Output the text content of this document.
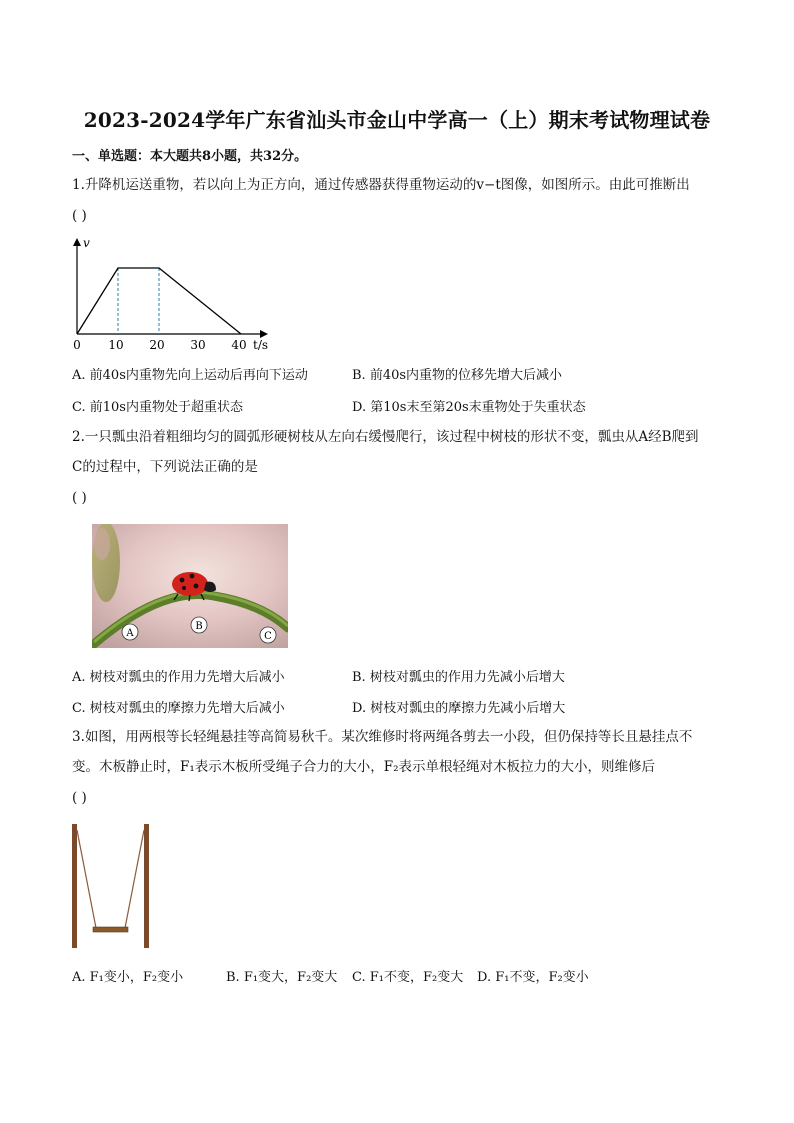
2023-2024学年广东省汕头市金山中学高一（上）期末考试物理试卷
一、单选题：本大题共8小题，共32分。
1.升降机运送重物，若以向上为正方向，通过传感器获得重物运动的v−t图像，如图所示。由此可推断出
( )
v
t/s
0 10 20 30 40
A. 前40s内重物先向上运动后再向下运动	B. 前40s内重物的位移先增大后减小
C. 前10s内重物处于超重状态	D. 第10s末至第20s末重物处于失重状态
2.一只瓢虫沿着粗细均匀的圆弧形硬树枝从左向右缓慢爬行，该过程中树枝的形状不变，瓢虫从A经B爬到
C的过程中，下列说法正确的是
( )
A
B
C
A. 树枝对瓢虫的作用力先增大后减小	B. 树枝对瓢虫的作用力先减小后增大
C. 树枝对瓢虫的摩擦力先增大后减小	D. 树枝对瓢虫的摩擦力先减小后增大
3.如图，用两根等长轻绳悬挂等高简易秋千。某次维修时将两绳各剪去一小段，但仍保持等长且悬挂点不
变。木板静止时，F₁表示木板所受绳子合力的大小，F₂表示单根轻绳对木板拉力的大小，则维修后
( )
A. F₁变小，F₂变小	B. F₁变大，F₂变大 C. F₁不变，F₂变大 D. F₁不变，F₂变小
